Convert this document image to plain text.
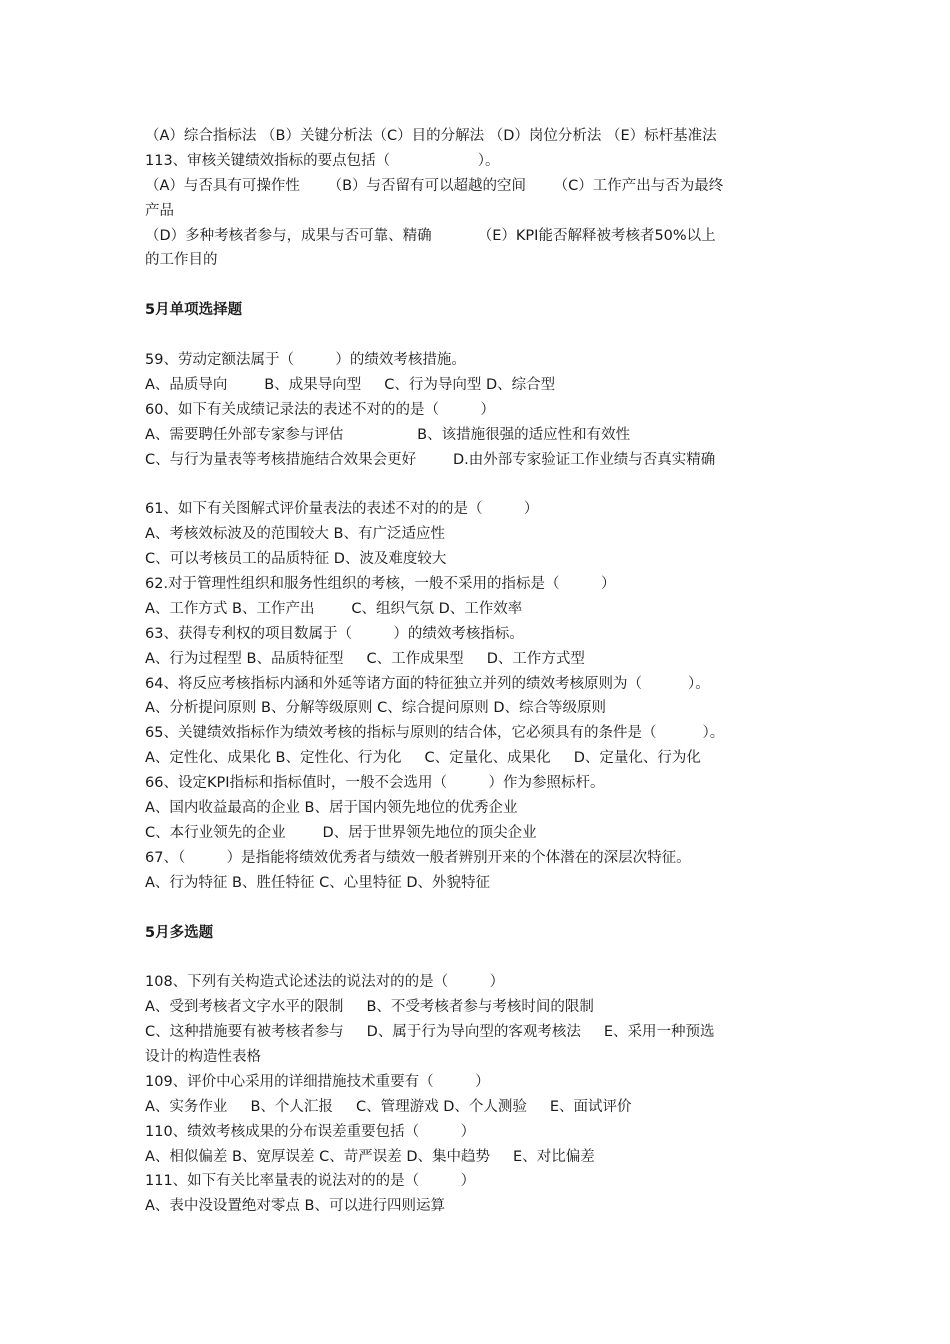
（A）综合指标法 （B）关键分析法（C）目的分解法 （D）岗位分析法 （E）标杆基准法
113、审核关键绩效指标的要点包括（                   ）。
（A）与否具有可操作性      （B）与否留有可以超越的空间      （C）工作产出与否为最终
产品
（D）多种考核者参与，成果与否可靠、精确          （E）KPI能否解释被考核者50%以上
的工作目的
5月单项选择题
59、劳动定额法属于（         ）的绩效考核措施。
A、品质导向        B、成果导向型     C、行为导向型 D、综合型
60、如下有关成绩记录法的表述不对的的是（         ）
A、需要聘任外部专家参与评估                B、该措施很强的适应性和有效性
C、与行为量表等考核措施结合效果会更好        D.由外部专家验证工作业绩与否真实精确
61、如下有关图解式评价量表法的表述不对的的是（         ）
A、考核效标波及的范围较大 B、有广泛适应性
C、可以考核员工的品质特征 D、波及难度较大
62.对于管理性组织和服务性组织的考核，一般不采用的指标是（         ）
A、工作方式 B、工作产出        C、组织气氛 D、工作效率
63、获得专利权的项目数属于（         ）的绩效考核指标。
A、行为过程型 B、品质特征型     C、工作成果型     D、工作方式型
64、将反应考核指标内涵和外延等诸方面的特征独立并列的绩效考核原则为（          ）。
A、分析提问原则 B、分解等级原则 C、综合提问原则 D、综合等级原则
65、关键绩效指标作为绩效考核的指标与原则的结合体，它必须具有的条件是（          ）。
A、定性化、成果化 B、定性化、行为化     C、定量化、成果化     D、定量化、行为化
66、设定KPI指标和指标值时，一般不会选用（         ）作为参照标杆。
A、国内收益最高的企业 B、居于国内领先地位的优秀企业
C、本行业领先的企业        D、居于世界领先地位的顶尖企业
67、（         ）是指能将绩效优秀者与绩效一般者辨别开来的个体潜在的深层次特征。
A、行为特征 B、胜任特征 C、心里特征 D、外貌特征
5月多选题
108、下列有关构造式论述法的说法对的的是（         ）
A、受到考核者文字水平的限制     B、不受考核者参与考核时间的限制
C、这种措施要有被考核者参与     D、属于行为导向型的客观考核法     E、采用一种预选
设计的构造性表格
109、评价中心采用的详细措施技术重要有（         ）
A、实务作业     B、个人汇报     C、管理游戏 D、个人测验     E、面试评价
110、绩效考核成果的分布误差重要包括（         ）
A、相似偏差 B、宽厚误差 C、苛严误差 D、集中趋势     E、对比偏差
111、如下有关比率量表的说法对的的是（         ）
A、表中没设置绝对零点 B、可以进行四则运算
